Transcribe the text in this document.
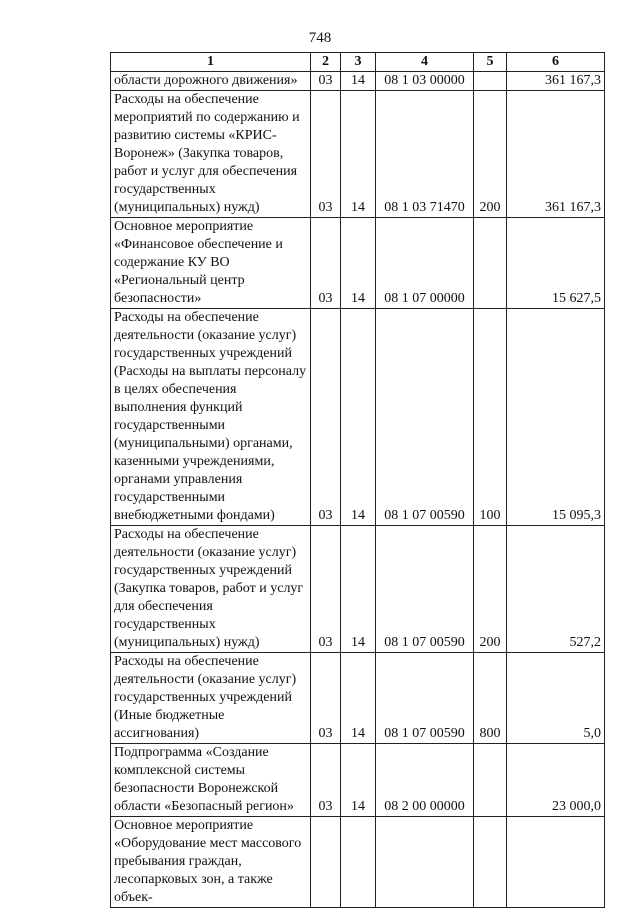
748
1	2	3	4	5	6
области дорожного движения»	03	14	08 1 03 00000		361 167,3
Расходы на обеспечение мероприятий по содержанию и развитию системы «КРИС-Воронеж» (Закупка товаров, работ и услуг для обеспечения государственных (муниципальных) нужд)	03	14	08 1 03 71470	200	361 167,3
Основное мероприятие «Финансовое обеспечение и содержание КУ ВО «Региональный центр безопасности»	03	14	08 1 07 00000		15 627,5
Расходы на обеспечение деятельности (оказание услуг) государственных учреждений (Расходы на выплаты персоналу в целях обеспечения выполнения функций государственными (муниципальными) органами, казенными учреждениями, органами управления государственными внебюджетными фондами)	03	14	08 1 07 00590	100	15 095,3
Расходы на обеспечение деятельности (оказание услуг) государственных учреждений (Закупка товаров, работ и услуг для обеспечения государственных (муниципальных) нужд)	03	14	08 1 07 00590	200	527,2
Расходы на обеспечение деятельности (оказание услуг) государственных учреждений (Иные бюджетные ассигнования)	03	14	08 1 07 00590	800	5,0
Подпрограмма «Создание комплексной системы безопасности Воронежской области «Безопасный регион»	03	14	08 2 00 00000		23 000,0
Основное мероприятие «Оборудование мест массового пребывания граждан, лесопарковых зон, а также объек-					
